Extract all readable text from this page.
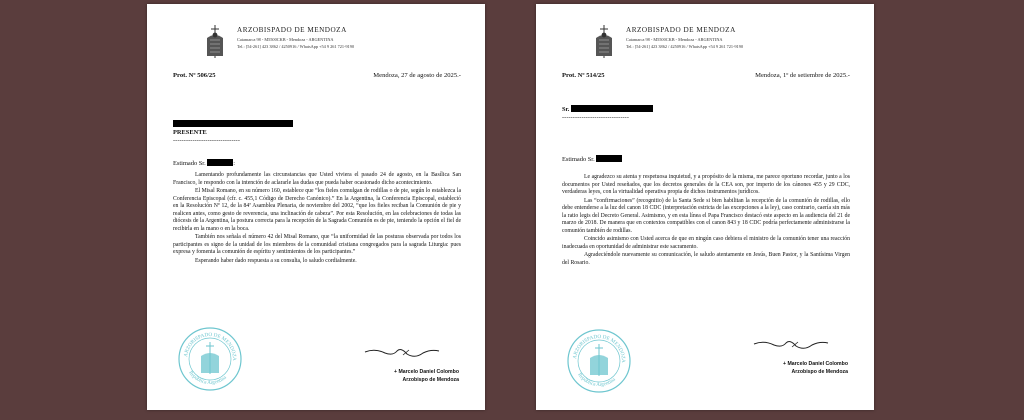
ARZOBISPADO DE MENDOZA
Catamarca 98 - M5500CKB - Mendoza - ARGENTINA
Tel.: [54-261] 423 3862 / 4250916 / WhatsApp +54 9 261 721-9190
Prot. Nº 506/25	Mendoza, 27 de agosto de 2025.-
PRESENTE
-------------------------------
Estimado Sr.	:

Lamentando profundamente las circunstancias que Usted viviera el pasado 24 de agosto, en la Basílica San Francisco, le respondo con la intención de aclararle las dudas que pueda haber ocasionado dicho acontecimiento.

El Misal Romano, en su número 160, establece que “los fieles comulgan de rodillas o de pie, según lo establezca la Conferencia Episcopal (cfr. c. 455,1 Código de Derecho Canónico).” En la Argentina, la Conferencia Episcopal, estableció en la Resolución Nº 12, de la 84ª Asamblea Plenaria, de noviembre del 2002, “que los fieles reciban la Comunión de pie y realicen antes, como gesto de reverencia, una inclinación de cabeza”. Por esta Resolución, en las celebraciones de todas las diócesis de la Argentina, la postura correcta para la recepción de la Sagrada Comunión es de pie, teniendo la opción el fiel de recibirla en la mano o en la boca.

También nos señala el número 42 del Misal Romano, que “la uniformidad de las posturas observada por todos los participantes es signo de la unidad de los miembros de la comunidad cristiana congregados para la sagrada Liturgia: pues expresa y fomenta la comunión de espíritu y sentimientos de los participantes.”

Esperando haber dado respuesta a su consulta, lo saludo cordialmente.

ARZOBISPADO DE MENDOZA
República Argentina
+ Marcelo Daniel Colombo
Arzobispo de Mendoza
ARZOBISPADO DE MENDOZA
Catamarca 98 - M5500CKB - Mendoza - ARGENTINA
Tel.: [54-261] 423 3862 / 4250916 / WhatsApp +54 9 261 721-9190
Prot. Nº 514/25	Mendoza, 1º de setiembre de 2025.-
Sr.
-------------------------------
Estimado Sr.

Le agradezco su atenta y respetuosa inquietud, y a propósito de la misma, me parece oportuno recordar, junto a los documentos por Usted reseñados, que los decretos generales de la CEA son, por imperio de los cánones 455 y 29 CDC, verdaderas leyes, con la virtualidad operativa propia de dichos instrumentos jurídicos.

Las “confirmaciones” (recognitio) de la Santa Sede si bien habilitan la recepción de la comunión de rodillas, ello debe entenderse a la luz del canon 18 CDC (interpretación estricta de las excepciones a la ley), caso contrario, caería sin más la ratio legis del Decreto General. Asimismo, y en esta línea el Papa Francisco destacó este aspecto en la audiencia del 21 de marzo de 2018. De manera que en contextos compatibles con el canon 843 y 18 CDC podría perfectamente administrarse la comunión también de rodillas.

Coincido asimismo con Usted acerca de que en ningún caso debiera el ministro de la comunión tener una reacción inadecuada en oportunidad de administrar este sacramento.

Agradeciéndole nuevamente su comunicación, le saludo atentamente en Jesús, Buen Pastor, y la Santísima Virgen del Rosario.

ARZOBISPADO DE MENDOZA
República Argentina
+ Marcelo Daniel Colombo
Arzobispo de Mendoza
